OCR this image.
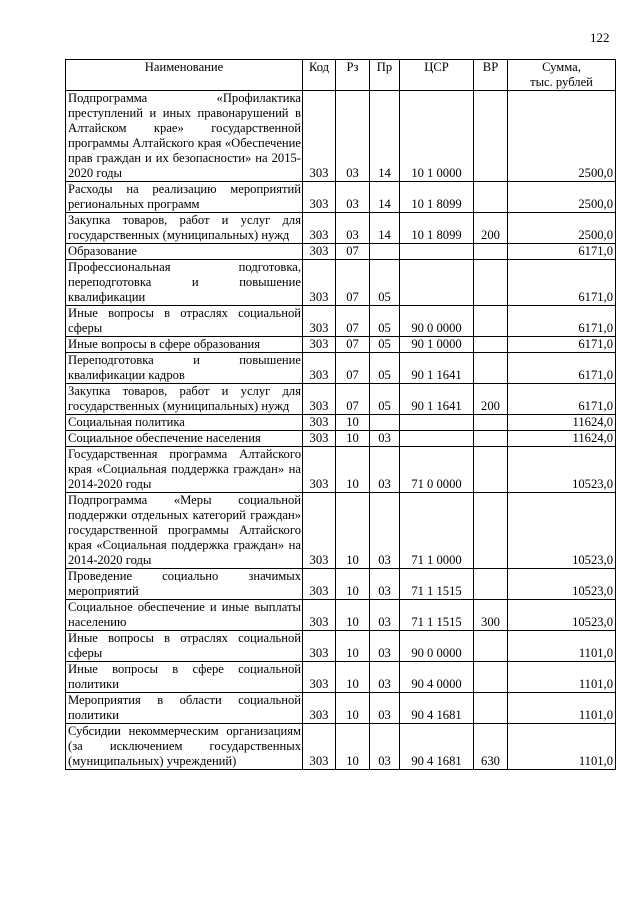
122
Наименование	Код	Рз	Пр	ЦСР	ВР	Сумма,
тыс. рублей

Подпрограмма «Профилактика преступлений и иных правонарушений в Алтайском крае» государственной программы Алтайского края «Обеспечение прав граждан и их безопасности» на 2015-2020 годы	303	03	14	10 1 0000		2500,0
Расходы на реализацию мероприятий региональных программ	303	03	14	10 1 8099		2500,0
Закупка товаров, работ и услуг для государственных (муниципальных) нужд	303	03	14	10 1 8099	200	2500,0
Образование	303	07				6171,0
Профессиональная подготовка, переподготовка и повышение квалификации	303	07	05			6171,0
Иные вопросы в отраслях социальной сферы	303	07	05	90 0 0000		6171,0
Иные вопросы в сфере образования	303	07	05	90 1 0000		6171,0
Переподготовка и повышение квалификации кадров	303	07	05	90 1 1641		6171,0
Закупка товаров, работ и услуг для государственных (муниципальных) нужд	303	07	05	90 1 1641	200	6171,0
Социальная политика	303	10				11624,0
Социальное обеспечение населения	303	10	03			11624,0
Государственная программа Алтайского края «Социальная поддержка граждан» на 2014-2020 годы	303	10	03	71 0 0000		10523,0
Подпрограмма «Меры социальной поддержки отдельных категорий граждан» государственной программы Алтайского края «Социальная поддержка граждан» на 2014-2020 годы	303	10	03	71 1 0000		10523,0
Проведение социально значимых мероприятий	303	10	03	71 1 1515		10523,0
Социальное обеспечение и иные выплаты населению	303	10	03	71 1 1515	300	10523,0
Иные вопросы в отраслях социальной сферы	303	10	03	90 0 0000		1101,0
Иные вопросы в сфере социальной политики	303	10	03	90 4 0000		1101,0
Мероприятия в области социальной политики	303	10	03	90 4 1681		1101,0
Субсидии некоммерческим организациям (за исключением государственных (муниципальных) учреждений)	303	10	03	90 4 1681	630	1101,0
